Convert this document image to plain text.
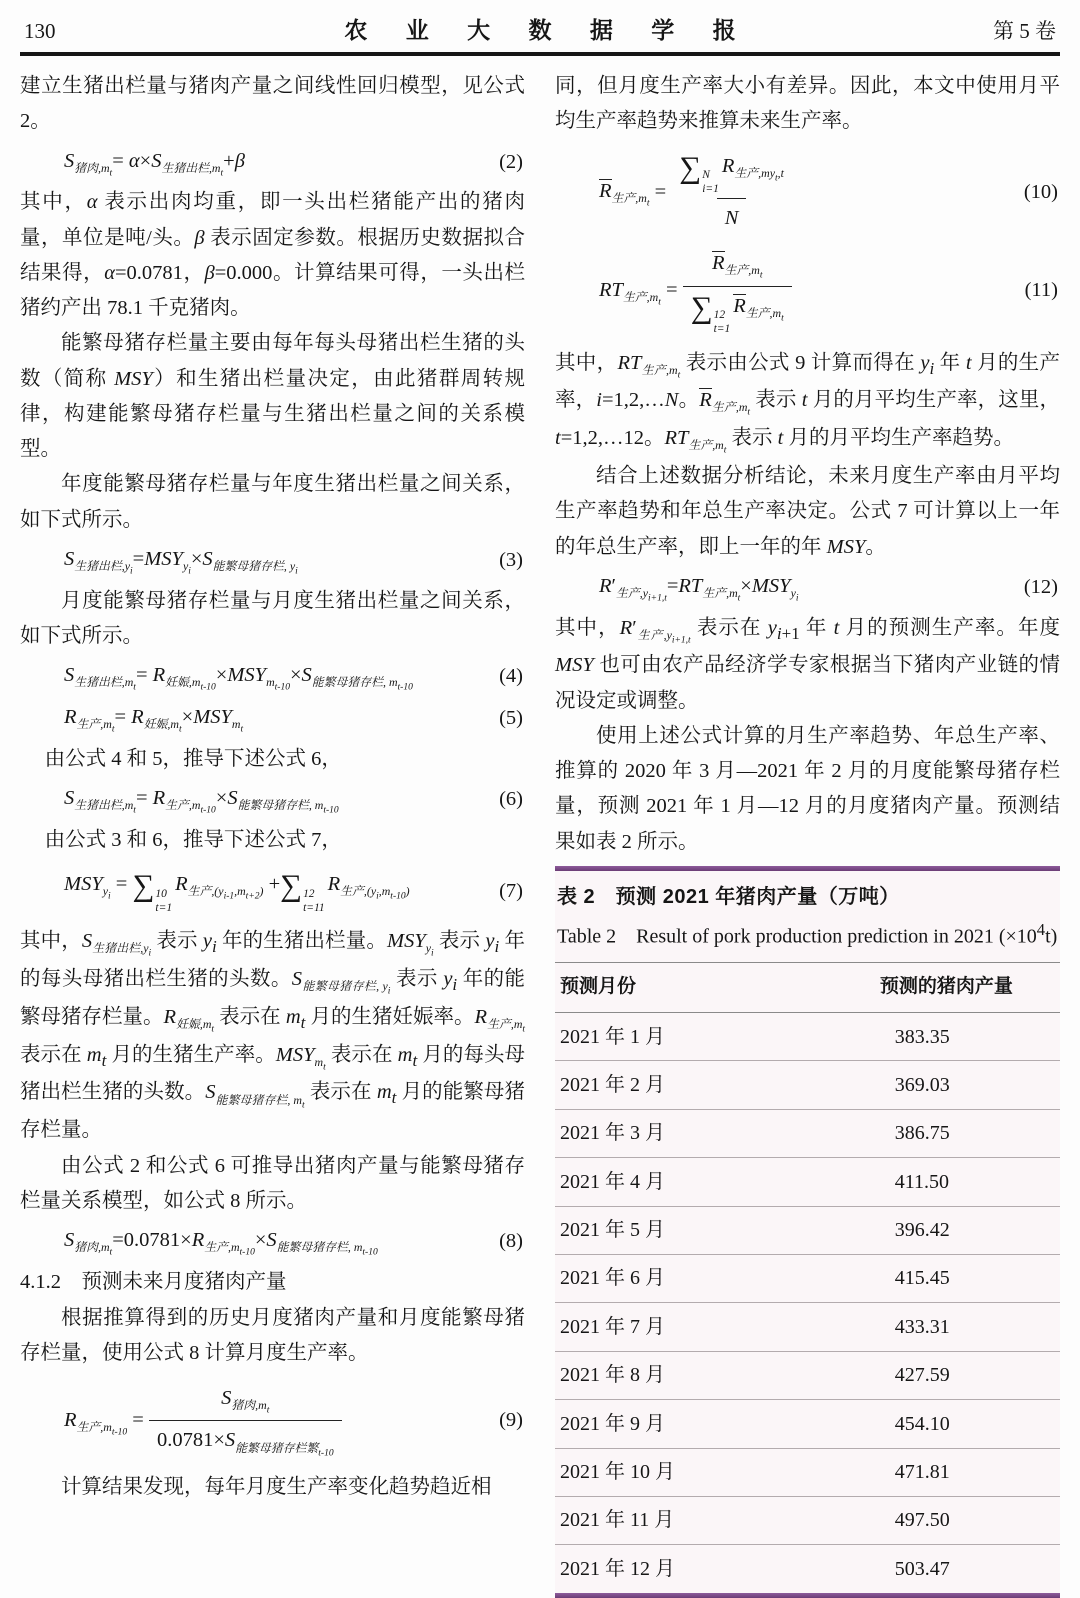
130	农 业 大 数 据 学 报	第 5 卷

建立生猪出栏量与猪肉产量之间线性回归模型，见公式 2。

$S_{猪肉,m_t}= \alpha\times S_{生猪出栏,m_t}+\beta$	(2)

其中，α 表示出肉均重，即一头出栏猪能产出的猪肉量，单位是吨/头。β 表示固定参数。根据历史数据拟合结果得，α=0.0781，β=0.000。计算结果可得，一头出栏猪约产出 78.1 千克猪肉。

能繁母猪存栏量主要由每年每头母猪出栏生猪的头数（简称 MSY）和生猪出栏量决定，由此猪群周转规律，构建能繁母猪存栏量与生猪出栏量之间的关系模型。

年度能繁母猪存栏量与年度生猪出栏量之间关系，如下式所示。

$S_{生猪出栏,y_i}=MSY_{y_i}\times S_{能繁母猪存栏, y_i}$
(3)

月度能繁母猪存栏量与月度生猪出栏量之间关系，如下式所示。

$S_{生猪出栏,m_t}= R_{妊娠,m_{t-10}}\times MSY_{m_{t-10}}\times S_{能繁母猪存栏, m_{t-10}}$
(4)
$R_{生产,m_t}= R_{妊娠,m_t}\times MSY_{m_t}$
(5)

由公式 4 和 5，推导下述公式 6，

$S_{生猪出栏,m_t}= R_{生产,m_{t-10}}\times S_{能繁母猪存栏, m_{t-10}}$
(6)

由公式 3 和 6，推导下述公式 7，

$MSY_{y_i}$ = ∑ 10
t=1
$R_{生产,(y_{i-1},m_{t+2})}$ +∑ 12
t=11
$R_{生产,(y_i,m_{t-10})}$	(7)

其中，$S_{生猪出栏,y_i}$ 表示 $y_i$ 年的生猪出栏量。$MSY_{y_i}$ 表示 $y_i$ 年的每头母猪出栏生猪的头数。$S_{能繁母猪存栏, y_i}$ 表示 $y_i$ 年的能繁母猪存栏量。$R_{妊娠,m_t}$ 表示在 $m_t$ 月的生猪妊娠率。$R_{生产,m_t}$ 表示在 $m_t$ 月的生猪生产率。$MSY_{m_t}$ 表示在 $m_t$ 月的每头母猪出栏生猪的头数。$S_{能繁母猪存栏, m_t}$ 表示在 $m_t$ 月的能繁母猪存栏量。

由公式 2 和公式 6 可推导出猪肉产量与能繁母猪存栏量关系模型，如公式 8 所示。

$S_{猪肉,m_t}=0.0781\times R_{生产,m_{t-10}}\times S_{能繁母猪存栏, m_{t-10}}$
(8)
4.1.2　预测未来月度猪肉产量

根据推算得到的历史月度猪肉产量和月度能繁母猪存栏量，使用公式 8 计算月度生产率。

$R_{生产,m_{t-10}}$ =
$S_{猪肉,m_t}$
$0.0781\times S_{能繁母猪存栏繁_{t-10}}$
(9)

计算结果发现，每年月度生产率变化趋势趋近相

同，但月度生产率大小有差异。因此，本文中使用月平均生产率趋势来推算未来生产率。

$R_{生产,m_t}$ =
∑ N
i=1
$R_{生产,my_t,t}$
N
(10)
$RT_{生产,m_t}$ =
$R_{生产,m_t}$
∑ 12
t=1
$R_{生产,m_t}$
(11)

其中，$RT_{生产,m_t}$ 表示由公式 9 计算而得在 $y_i$ 年 t 月的生产率，i=1,2,…N。$R_{生产,m_t}$ 表示 t 月的月平均生产率，这里，t=1,2,…12。$RT_{生产,m_t}$ 表示 t 月的月平均生产率趋势。

结合上述数据分析结论，未来月度生产率由月平均生产率趋势和年总生产率决定。公式 7 可计算以上一年的年总生产率，即上一年的年 MSY。

$R'_{生产,y_{i+1,t}}=RT_{生产,m_t}\times MSY_{y_i}$
(12)

其中，$R'_{生产,y_{i+1,t}}$ 表示在 $y_{i+1}$ 年 t 月的预测生产率。年度 MSY 也可由农产品经济学专家根据当下猪肉产业链的情况设定或调整。

使用上述公式计算的月生产率趋势、年总生产率、推算的 2020 年 3 月—2021 年 2 月的月度能繁母猪存栏量，预测 2021 年 1 月—12 月的月度猪肉产量。预测结果如表 2 所示。

表 2　预测 2021 年猪肉产量（万吨）
Table 2　Result of pork production prediction in 2021 $(\times 10^4t)$
预测月份	预测的猪肉产量
2021 年 1 月	383.35
2021 年 2 月	369.03
2021 年 3 月	386.75
2021 年 4 月	411.50
2021 年 5 月	396.42
2021 年 6 月	415.45
2021 年 7 月	433.31
2021 年 8 月	427.59
2021 年 9 月	454.10
2021 年 10 月	471.81
2021 年 11 月	497.50
2021 年 12 月	503.47
